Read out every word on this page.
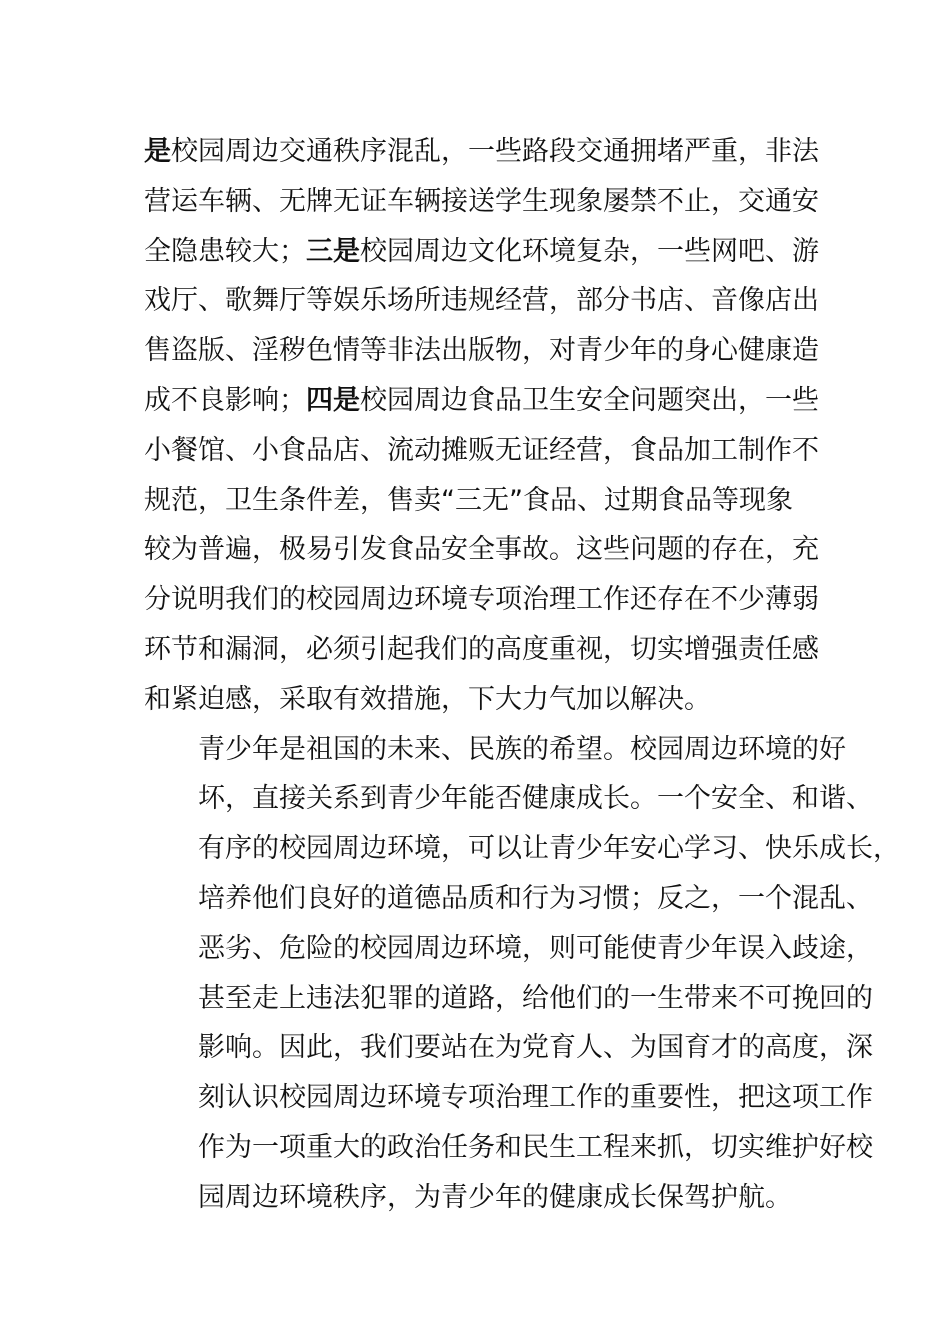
是校园周边交通秩序混乱，一些路段交通拥堵严重，非法
营运车辆、无牌无证车辆接送学生现象屡禁不止，交通安
全隐患较大；三是校园周边文化环境复杂，一些网吧、游
戏厅、歌舞厅等娱乐场所违规经营，部分书店、音像店出
售盗版、淫秽色情等非法出版物，对青少年的身心健康造
成不良影响；四是校园周边食品卫生安全问题突出，一些
小餐馆、小食品店、流动摊贩无证经营，食品加工制作不
规范，卫生条件差，售卖“三无”食品、过期食品等现象
较为普遍，极易引发食品安全事故。这些问题的存在，充
分说明我们的校园周边环境专项治理工作还存在不少薄弱
环节和漏洞，必须引起我们的高度重视，切实增强责任感
和紧迫感，采取有效措施，下大力气加以解决。
青少年是祖国的未来、民族的希望。校园周边环境的好
坏，直接关系到青少年能否健康成长。一个安全、和谐、
有序的校园周边环境，可以让青少年安心学习、快乐成长，
培养他们良好的道德品质和行为习惯；反之，一个混乱、
恶劣、危险的校园周边环境，则可能使青少年误入歧途，
甚至走上违法犯罪的道路，给他们的一生带来不可挽回的
影响。因此，我们要站在为党育人、为国育才的高度，深
刻认识校园周边环境专项治理工作的重要性，把这项工作
作为一项重大的政治任务和民生工程来抓，切实维护好校
园周边环境秩序，为青少年的健康成长保驾护航。
